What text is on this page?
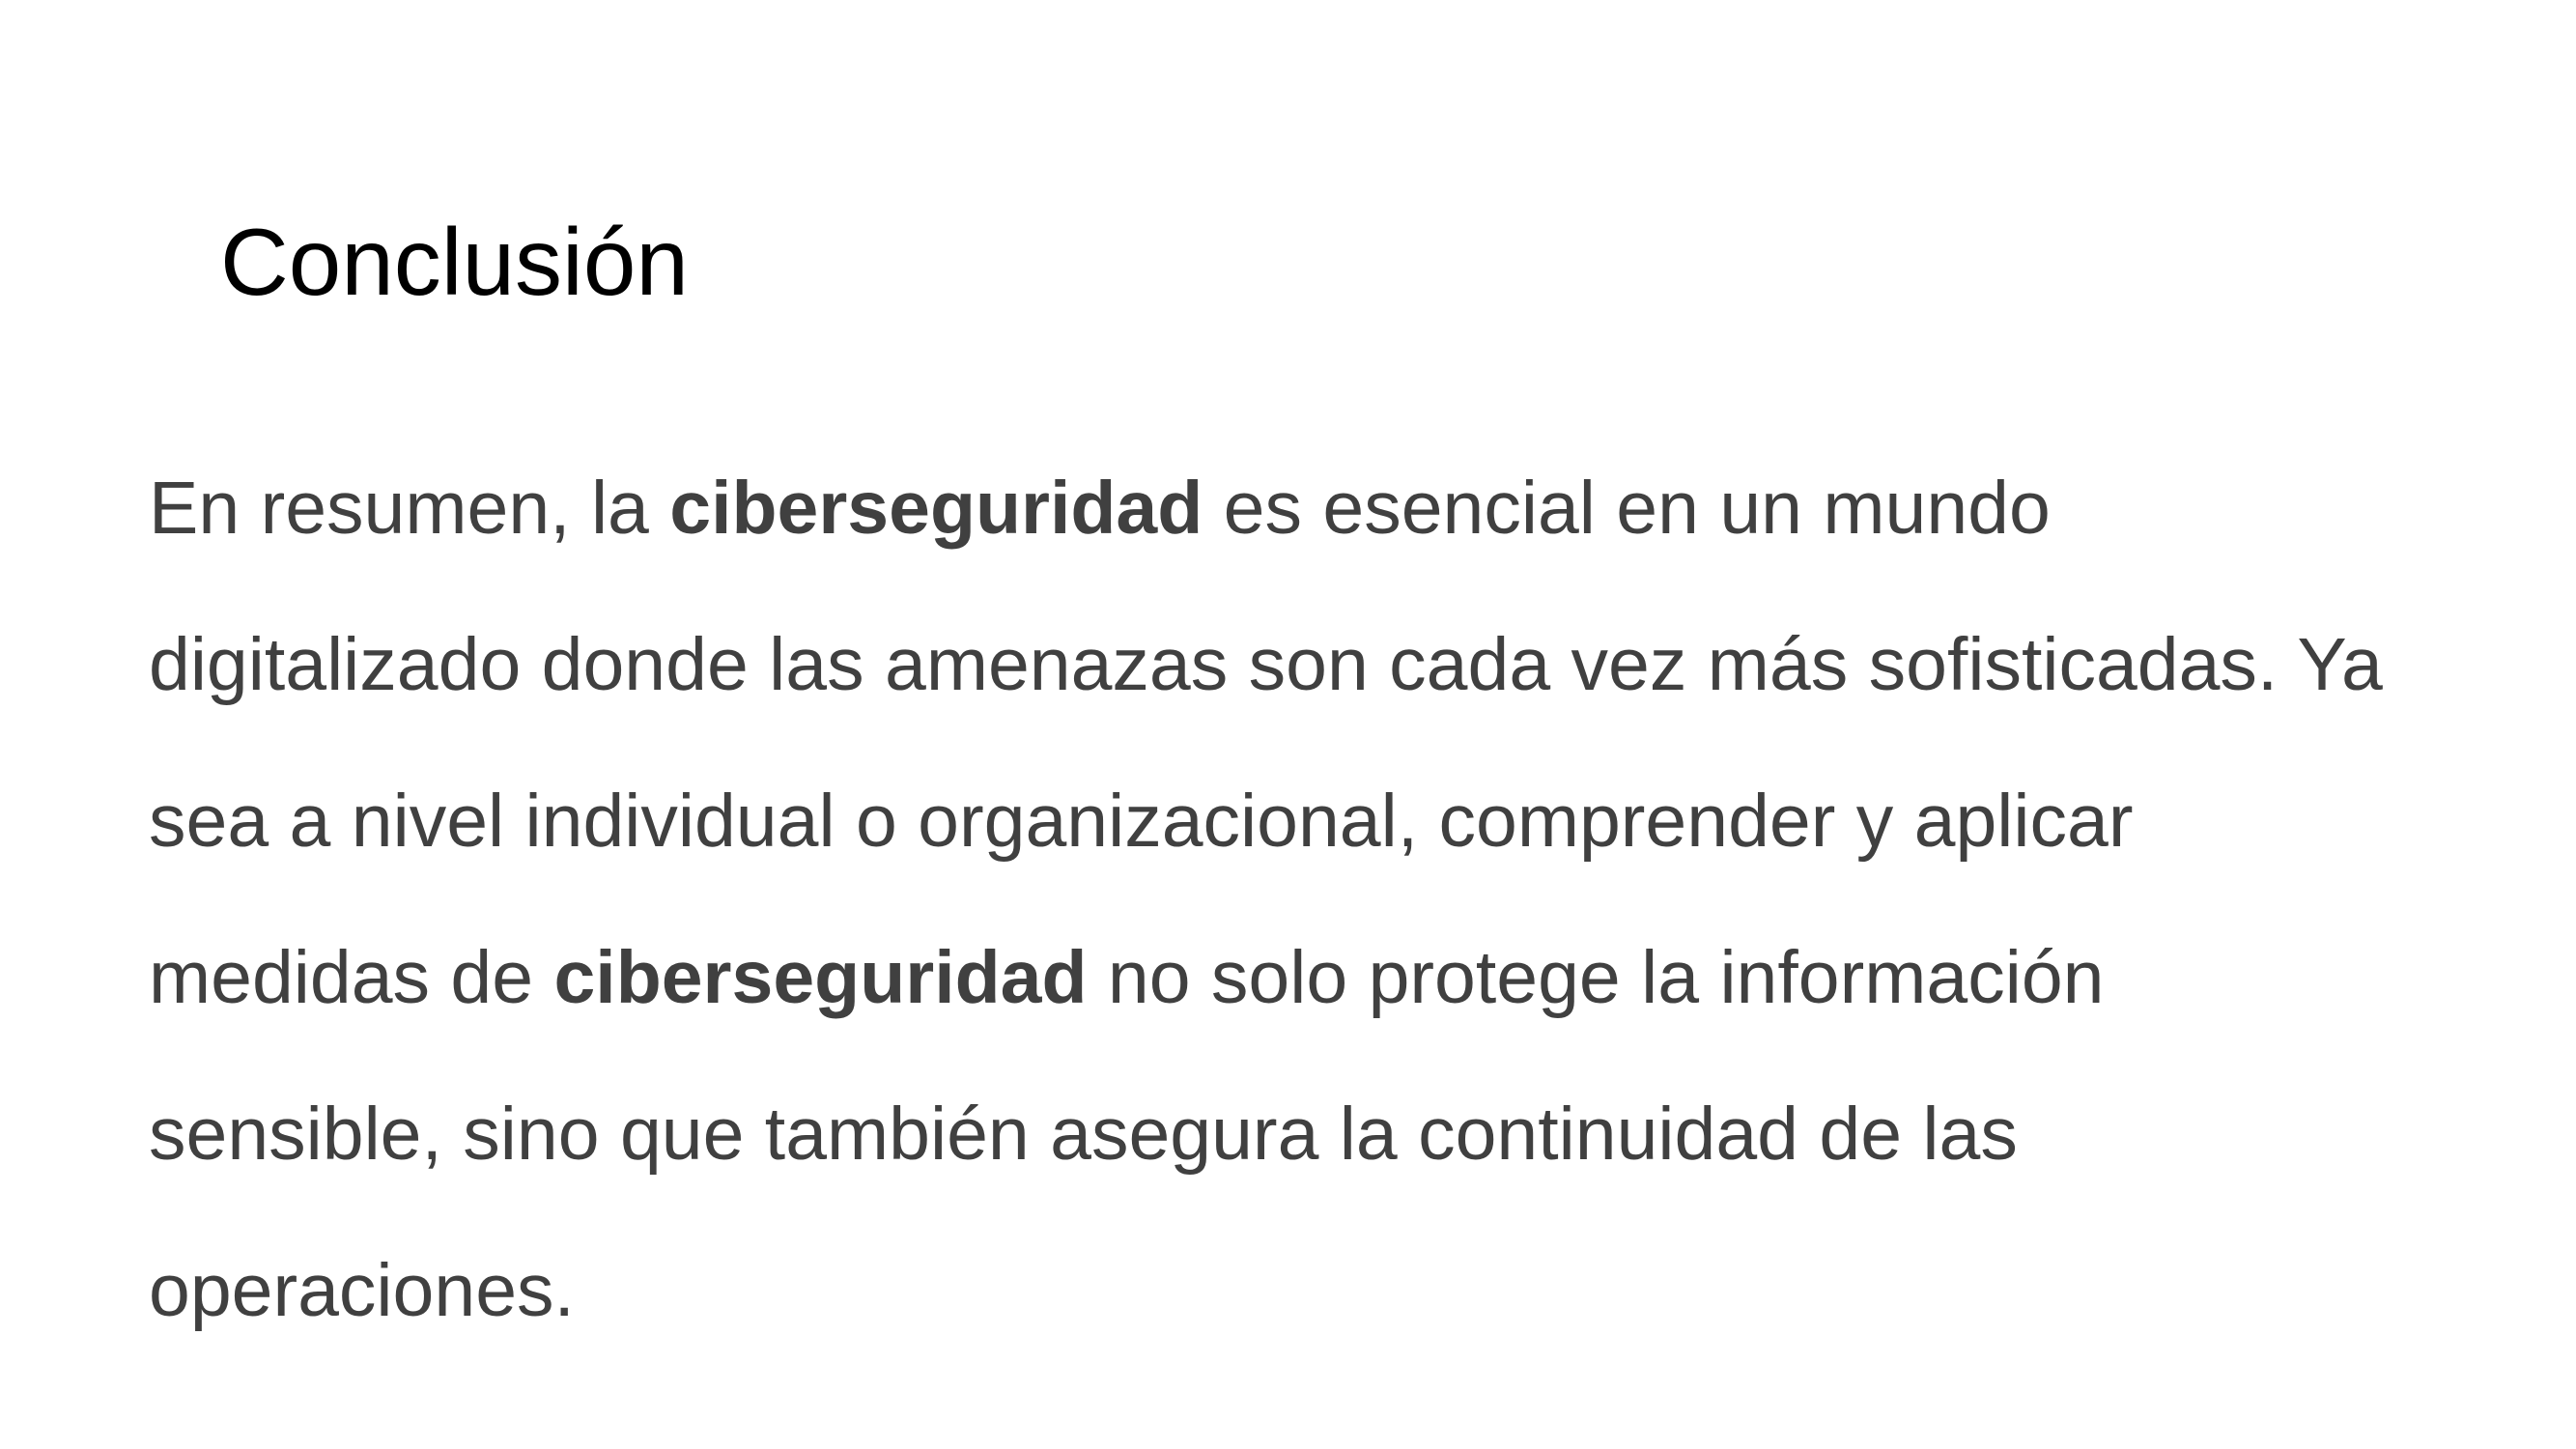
Conclusión
En resumen, la ciberseguridad es esencial en un mundo
digitalizado donde las amenazas son cada vez más sofisticadas. Ya
sea a nivel individual o organizacional, comprender y aplicar
medidas de ciberseguridad no solo protege la información
sensible, sino que también asegura la continuidad de las
operaciones.
